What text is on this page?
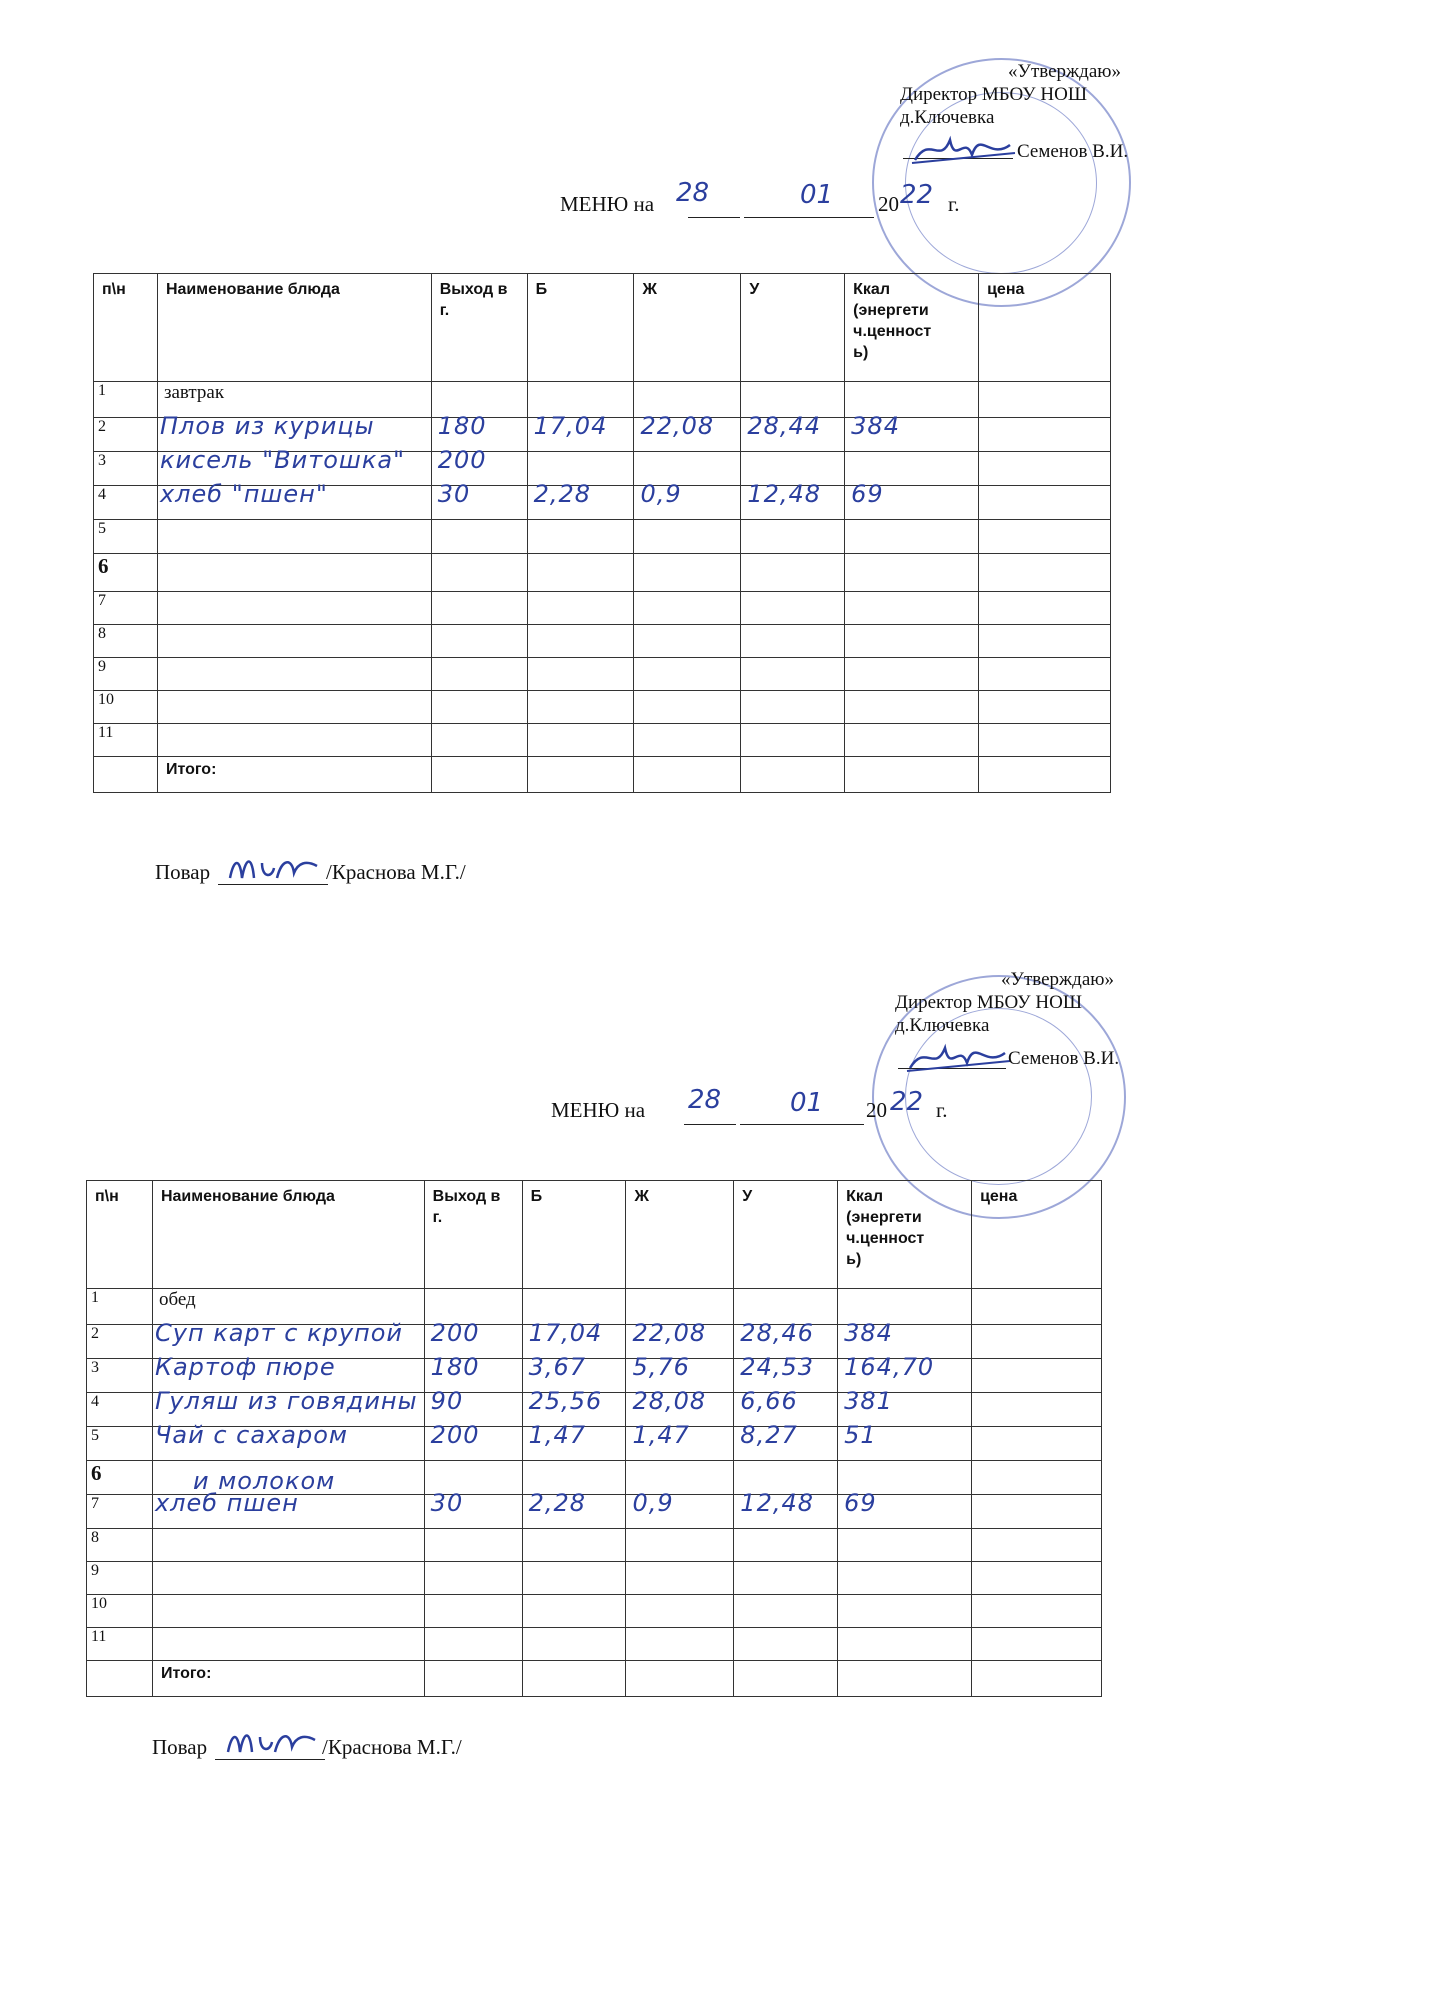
«Утверждаю»
Директор МБОУ НОШ
д.Ключевка
Семенов В.И.
МЕНЮ на 28	01 20 22 г.
п\н	Наименование блюда	Выход в г.	Б	Ж	У	Ккал
(энергети
ч.ценност
ь)	цена
1	завтрак						
2	Плов из курицы	180	17,04	22,08	28,44	384	

3	кисель "Витошка"	200					

4	хлеб "пшен"	30	2,28	0,9	12,48	69	

5							
6							
7							
8							
9							
10							
11							
	Итого:						
Повар	/Краснова М.Г./
«Утверждаю»
Директор МБОУ НОШ
д.Ключевка
Семенов В.И.
МЕНЮ на 28	01 20 22 г.
п\н	Наименование блюда	Выход в г.	Б	Ж	У	Ккал
(энергети
ч.ценност
ь)	цена
1	обед						
2	Суп карт с крупой	200	17,04	22,08	28,46	384	

3	Картоф пюре	180	3,67	5,76	24,53	164,70	

4	Гуляш из говядины	90	25,56	28,08	6,66	381	

5	Чай с сахаром	200	1,47	1,47	8,27	51	

6	и молоком						

7	хлеб пшен	30	2,28	0,9	12,48	69	

8							
9							
10							
11							
	Итого:						
Повар	/Краснова М.Г./
